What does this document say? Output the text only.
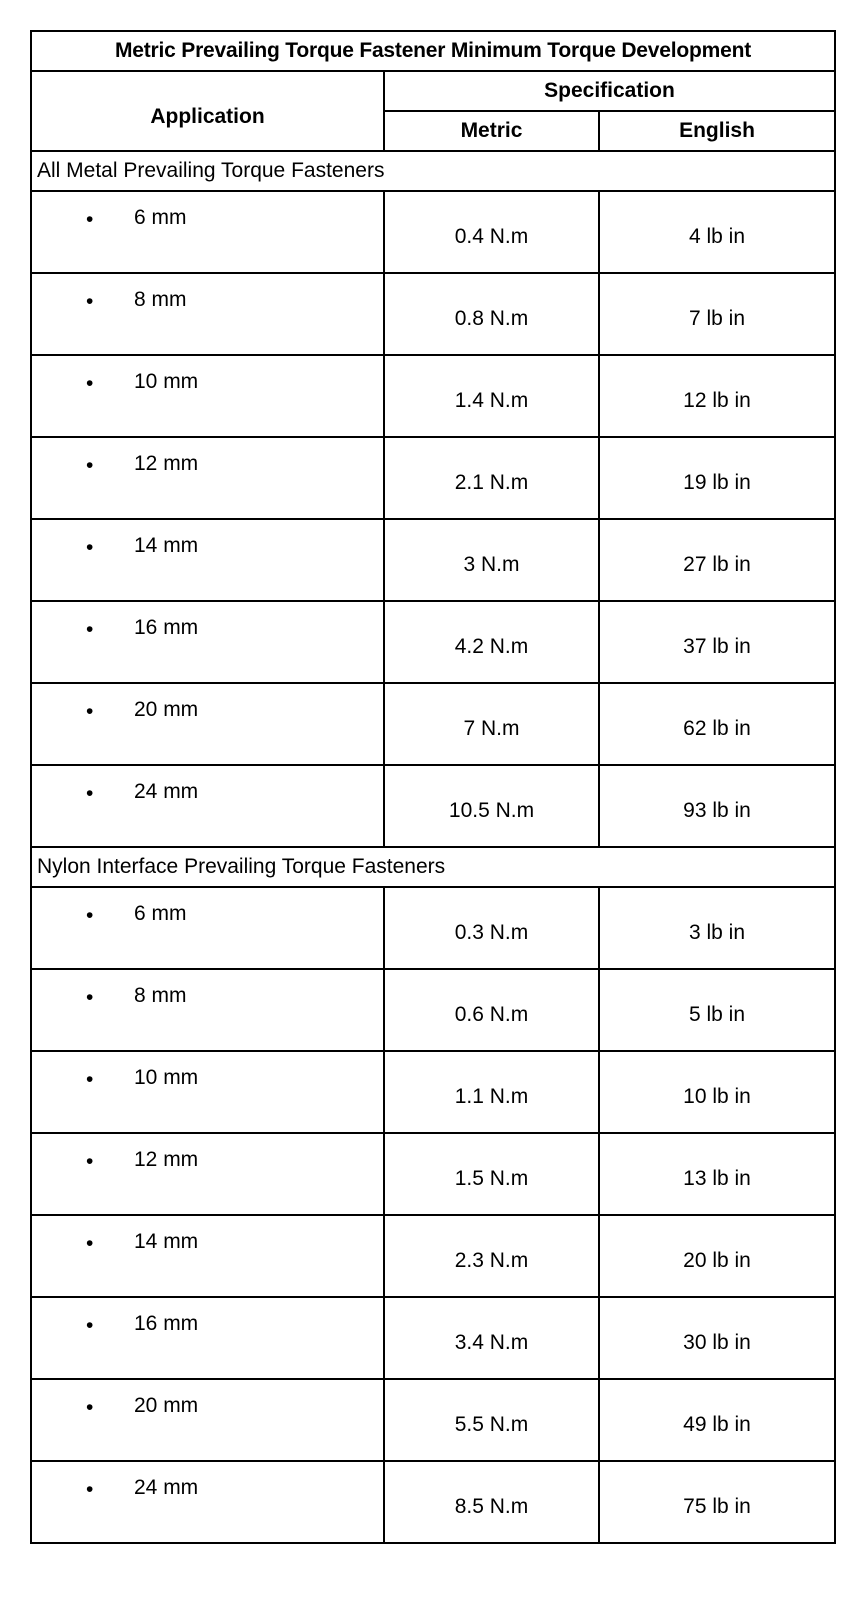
Metric Prevailing Torque Fastener Minimum Torque Development		
Application	Specification	
	Metric	English
All Metal Prevailing Torque Fasteners		

• 6 mm	0.4 N.m	4 lb in

• 8 mm	0.8 N.m	7 lb in

• 10 mm	1.4 N.m	12 lb in

• 12 mm	2.1 N.m	19 lb in

• 14 mm	3 N.m	27 lb in

• 16 mm	4.2 N.m	37 lb in

• 20 mm	7 N.m	62 lb in

• 24 mm	10.5 N.m	93 lb in
Nylon Interface Prevailing Torque Fasteners		

• 6 mm	0.3 N.m	3 lb in

• 8 mm	0.6 N.m	5 lb in

• 10 mm	1.1 N.m	10 lb in

• 12 mm	1.5 N.m	13 lb in

• 14 mm	2.3 N.m	20 lb in

• 16 mm	3.4 N.m	30 lb in

• 20 mm	5.5 N.m	49 lb in

• 24 mm	8.5 N.m	75 lb in
